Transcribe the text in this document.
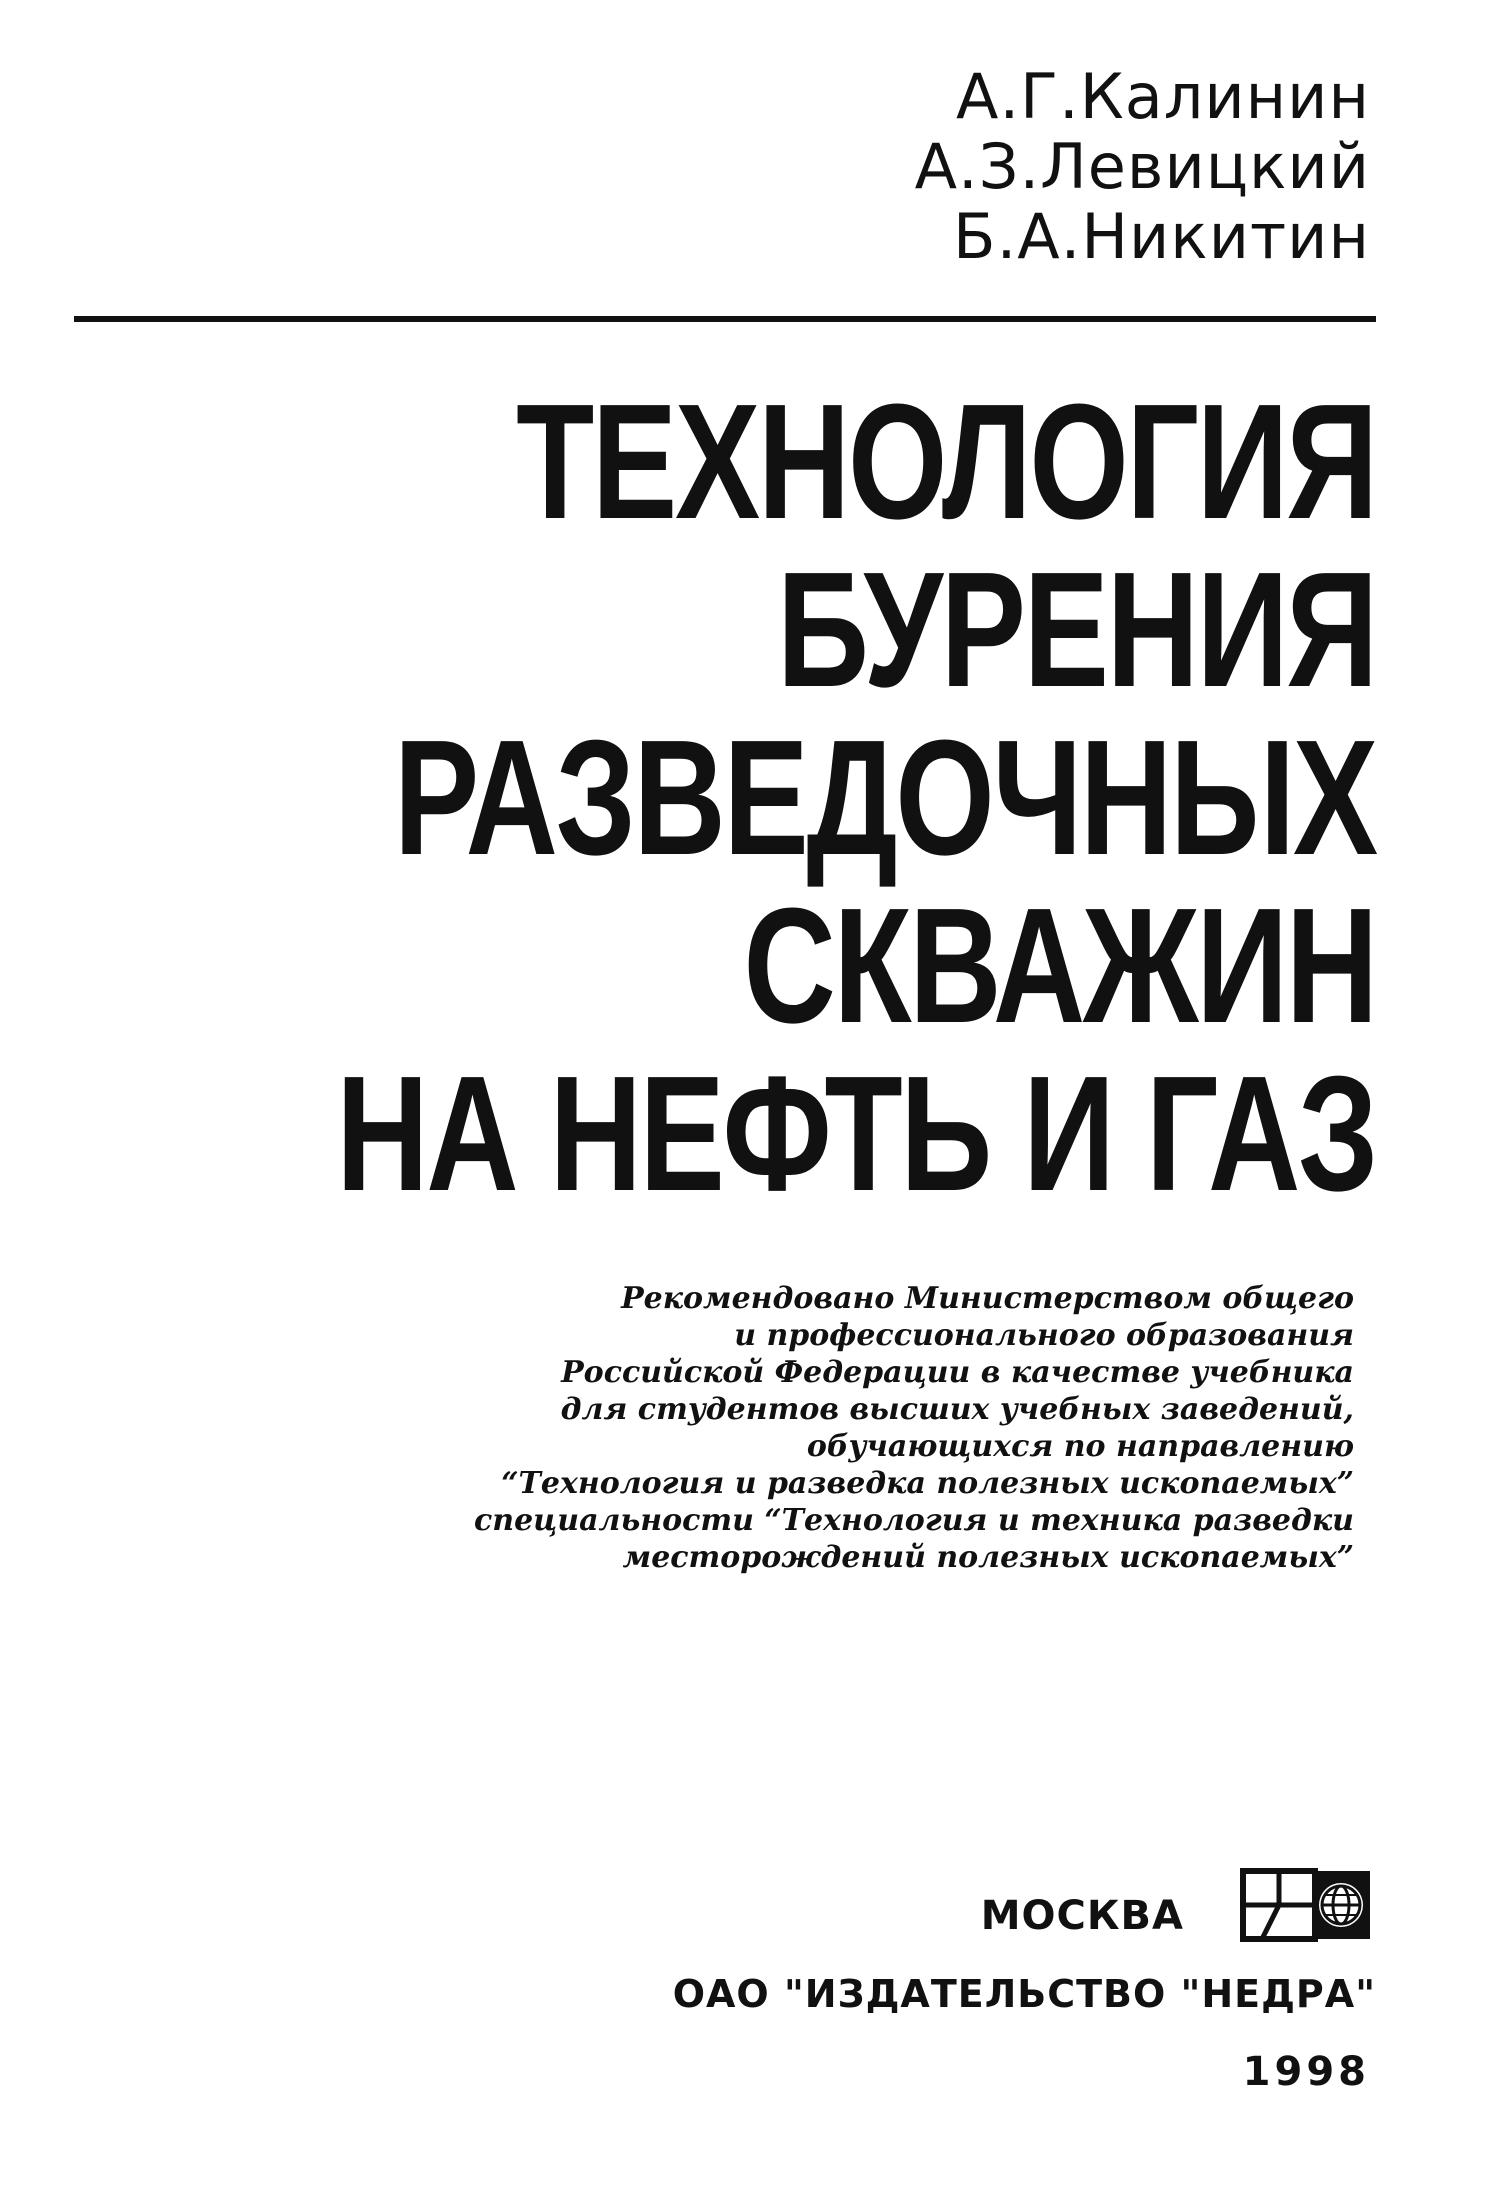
А.Г.Калинин
А.З.Левицкий
Б.А.Никитин
ТЕХНОЛОГИЯ
БУРЕНИЯ
РАЗВЕДОЧНЫХ
СКВАЖИН
НА НЕФТЬ И ГАЗ
Рекомендовано Министерством общего
и профессионального образования
Российской Федерации в качестве учебника
для студентов высших учебных заведений,
обучающихся по направлению
“Технология и разведка полезных ископаемых”
специальности “Технология и техника разведки
месторождений полезных ископаемых”
МОСКВА
ОАО "ИЗДАТЕЛЬСТВО "НЕДРА"
1998
